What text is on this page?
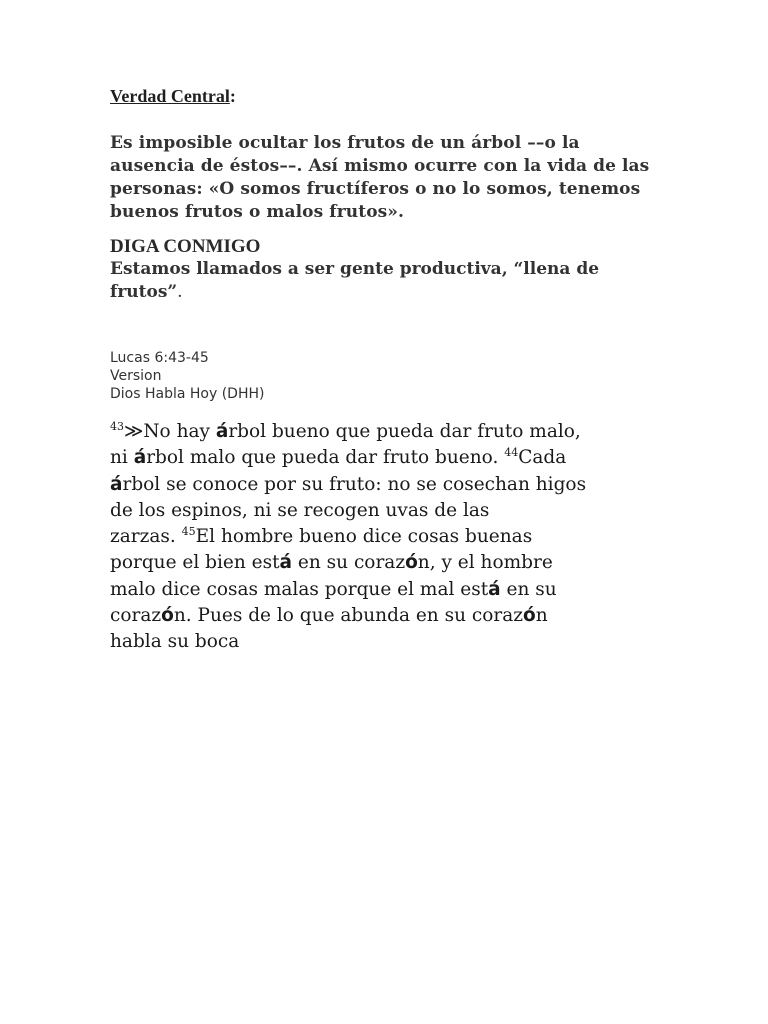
Verdad Central:

Es imposible ocultar los frutos de un árbol ––o la ausencia de éstos––. Así mismo ocurre con la vida de las personas: «O somos fructíferos o no lo somos, tenemos buenos frutos o malos frutos».

DIGA CONMIGO
Estamos llamados a ser gente productiva, “llena de frutos”.

Lucas 6:43-45
Version
Dios Habla Hoy (DHH)
$^{43}$≫No hay árbol bueno que pueda dar fruto malo,
ni árbol malo que pueda dar fruto bueno. $^{44}$Cada
árbol se conoce por su fruto: no se cosechan higos
de los espinos, ni se recogen uvas de las
zarzas. $^{45}$El hombre bueno dice cosas buenas
porque el bien está en su corazón, y el hombre
malo dice cosas malas porque el mal está en su
corazón. Pues de lo que abunda en su corazón
habla su boca
